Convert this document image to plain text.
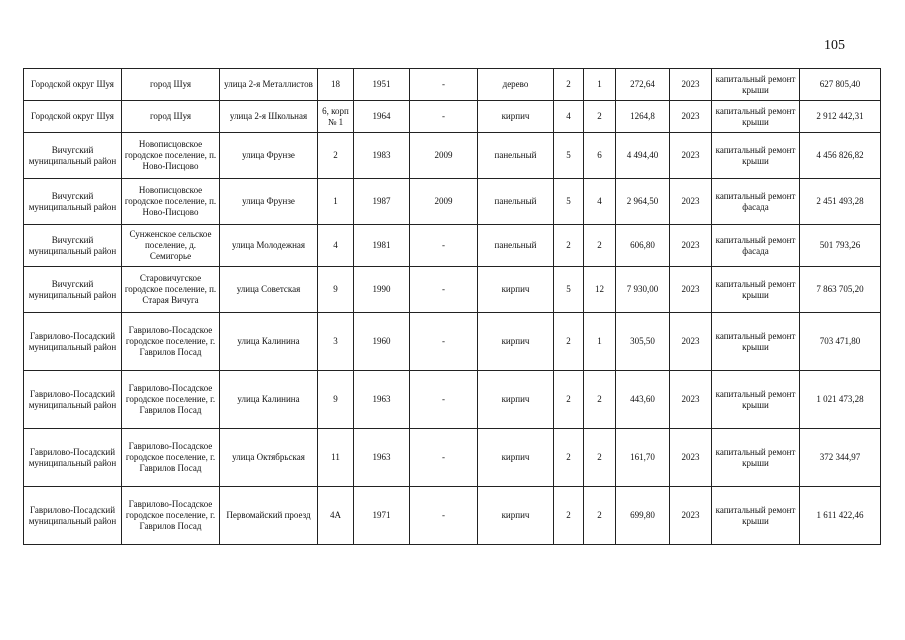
105
Городской округ Шуя	город Шуя	улица 2-я Металлистов	18	1951	-	дерево	2	1	272,64	2023	капитальный ремонт крыши	627 805,40
Городской округ Шуя	город Шуя	улица 2-я Школьная	6, корп № 1	1964	-	кирпич	4	2	1264,8	2023	капитальный ремонт крыши	2 912 442,31
Вичугский муниципальный район	Новописцовское городское поселение, п. Ново-Писцово	улица Фрунзе	2	1983	2009	панельный	5	6	4 494,40	2023	капитальный ремонт крыши	4 456 826,82
Вичугский муниципальный район	Новописцовское городское поселение, п. Ново-Писцово	улица Фрунзе	1	1987	2009	панельный	5	4	2 964,50	2023	капитальный ремонт фасада	2 451 493,28
Вичугский муниципальный район	Сунженское сельское поселение, д. Семигорье	улица Молодежная	4	1981	-	панельный	2	2	606,80	2023	капитальный ремонт фасада	501 793,26
Вичугский муниципальный район	Старовичугское городское поселение, п. Старая Вичуга	улица Советская	9	1990	-	кирпич	5	12	7 930,00	2023	капитальный ремонт крыши	7 863 705,20
Гаврилово-Посадский муниципальный район	Гаврилово-Посадское городское поселение, г. Гаврилов Посад	улица Калинина	3	1960	-	кирпич	2	1	305,50	2023	капитальный ремонт крыши	703 471,80
Гаврилово-Посадский муниципальный район	Гаврилово-Посадское городское поселение, г. Гаврилов Посад	улица Калинина	9	1963	-	кирпич	2	2	443,60	2023	капитальный ремонт крыши	1 021 473,28
Гаврилово-Посадский муниципальный район	Гаврилово-Посадское городское поселение, г. Гаврилов Посад	улица Октябрьская	11	1963	-	кирпич	2	2	161,70	2023	капитальный ремонт крыши	372 344,97
Гаврилово-Посадский муниципальный район	Гаврилово-Посадское городское поселение, г. Гаврилов Посад	Первомайский проезд	4А	1971	-	кирпич	2	2	699,80	2023	капитальный ремонт крыши	1 611 422,46
